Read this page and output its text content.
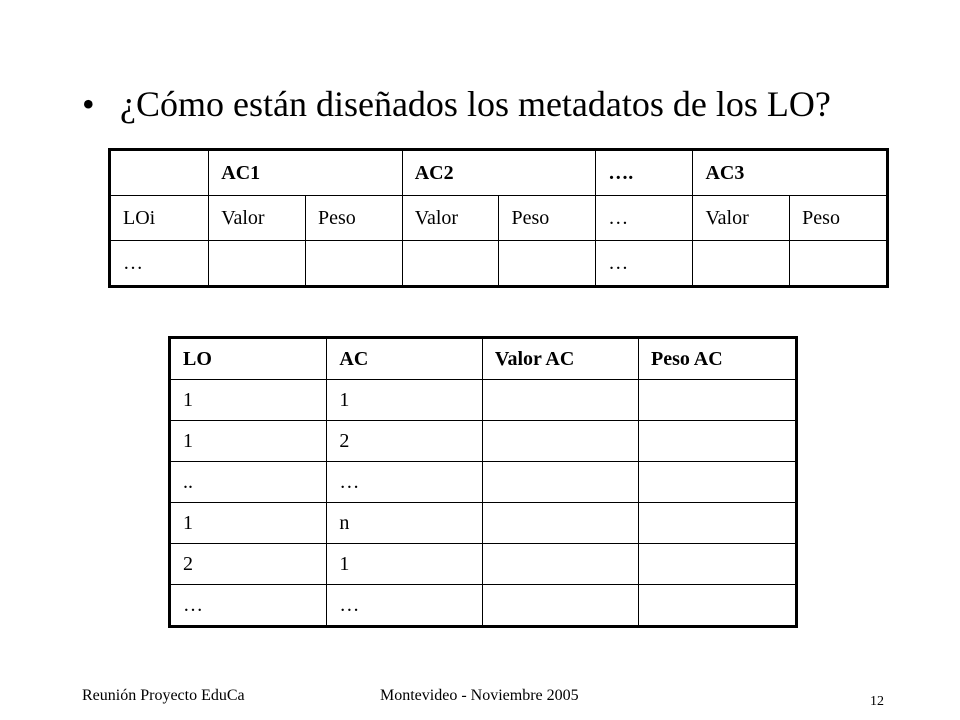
• ¿Cómo están diseñados los metadatos de los LO?
	AC1		AC2		….	AC3	
LOi	Valor	Peso	Valor	Peso	…	Valor	Peso
…					…		
LO	AC	Valor AC	Peso AC
1	1		
1	2		
..	…		
1	n		
2	1		
…	…		
Reunión Proyecto EduCa	Montevideo - Noviembre 2005	12
